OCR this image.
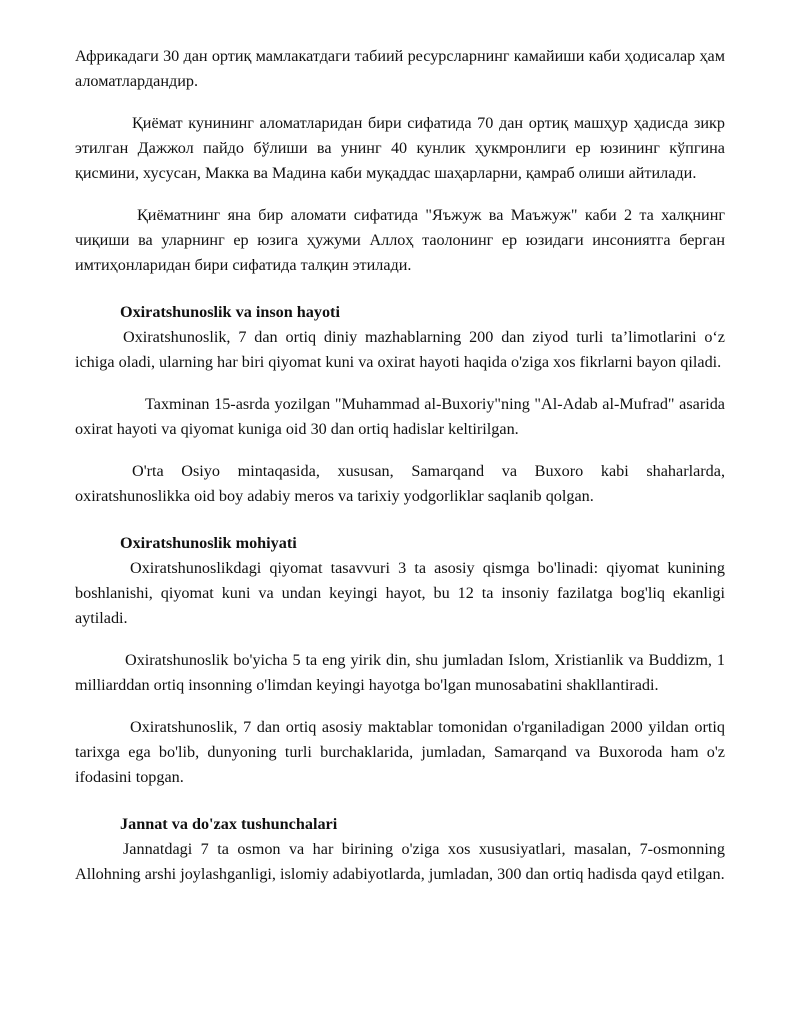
Африкадаги 30 дан ортиқ мамлакатдаги табиий ресурсларнинг камайиши каби ҳодисалар ҳам аломатлардандир.

Қиёмат кунининг аломатларидан бири сифатида 70 дан ортиқ машҳур ҳадисда зикр этилган Дажжол пайдо бўлиши ва унинг 40 кунлик ҳукмронлиги ер юзининг кўпгина қисмини, хусусан, Макка ва Мадина каби муқаддас шаҳарларни, қамраб олиши айтилади.

Қиёматнинг яна бир аломати сифатида "Яъжуж ва Маъжуж" каби 2 та халқнинг чиқиши ва уларнинг ер юзига ҳужуми Аллоҳ таолонинг ер юзидаги инсониятга берган имтиҳонларидан бири сифатида талқин этилади.

Oxiratshunoslik va inson hayoti

Oxiratshunoslik, 7 dan ortiq diniy mazhablarning 200 dan ziyod turli ta’limotlarini o‘z ichiga oladi, ularning har biri qiyomat kuni va oxirat hayoti haqida o'ziga xos fikrlarni bayon qiladi.

Taxminan 15-asrda yozilgan "Muhammad al-Buxoriy"ning "Al-Adab al-Mufrad" asarida oxirat hayoti va qiyomat kuniga oid 30 dan ortiq hadislar keltirilgan.

O'rta Osiyo mintaqasida, xususan, Samarqand va Buxoro kabi shaharlarda, oxiratshunoslikka oid boy adabiy meros va tarixiy yodgorliklar saqlanib qolgan.

Oxiratshunoslik mohiyati

Oxiratshunoslikdagi qiyomat tasavvuri 3 ta asosiy qismga bo'linadi: qiyomat kunining boshlanishi, qiyomat kuni va undan keyingi hayot, bu 12 ta insoniy fazilatga bog'liq ekanligi aytiladi.

Oxiratshunoslik bo'yicha 5 ta eng yirik din, shu jumladan Islom, Xristianlik va Buddizm, 1 milliarddan ortiq insonning o'limdan keyingi hayotga bo'lgan munosabatini shakllantiradi.

Oxiratshunoslik, 7 dan ortiq asosiy maktablar tomonidan o'rganiladigan 2000 yildan ortiq tarixga ega bo'lib, dunyoning turli burchaklarida, jumladan, Samarqand va Buxoroda ham o'z ifodasini topgan.

Jannat va do'zax tushunchalari

Jannatdagi 7 ta osmon va har birining o'ziga xos xususiyatlari, masalan, 7-osmonning Allohning arshi joylashganligi, islomiy adabiyotlarda, jumladan, 300 dan ortiq hadisda qayd etilgan.
